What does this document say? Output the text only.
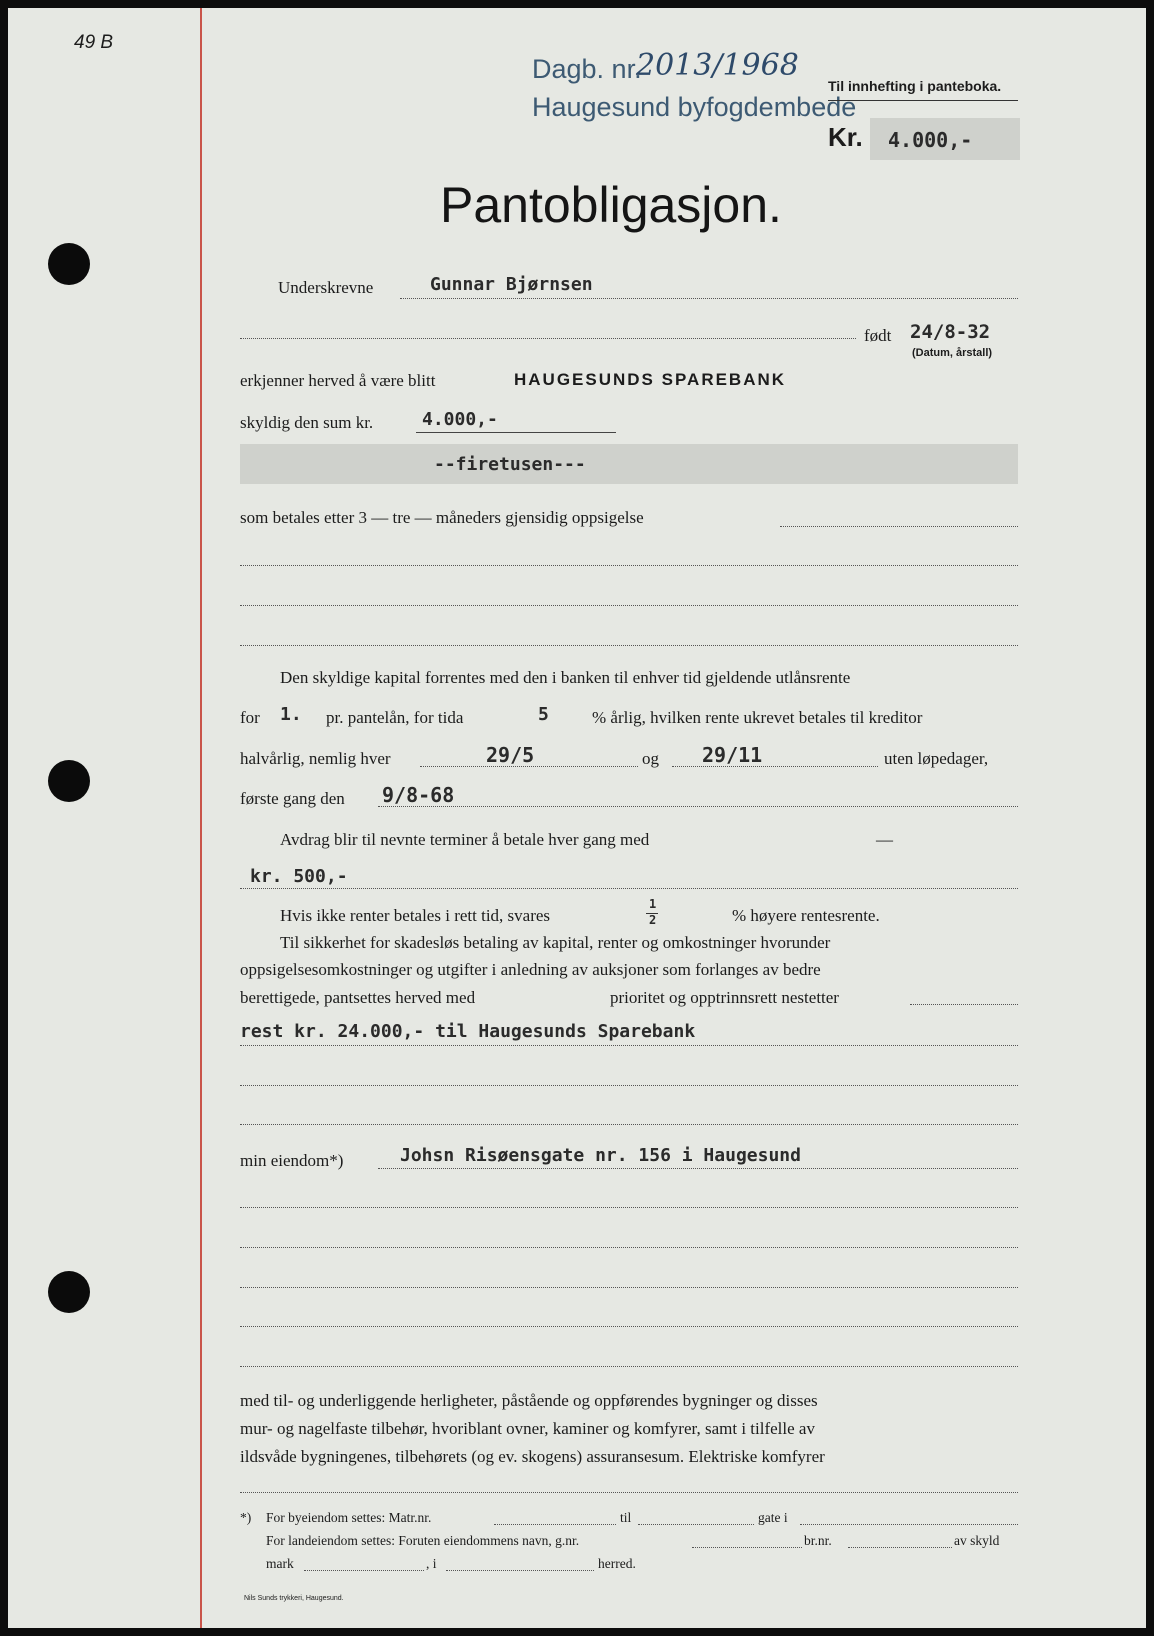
49 B
Dagb. nr.
2013/1968
Haugesund byfogdembede
Til innhefting i panteboka.
Kr. 4.000,-
Pantobligasjon.
Underskrevne	Gunnar Bjørnsen
født 24/8-32
(Datum, årstall)
erkjenner herved å være blitt	HAUGESUNDS SPAREBANK
skyldig den sum kr.	4.000,-
--firetusen---
som betales etter 3 — tre — måneders gjensidig oppsigelse
Den skyldige kapital forrentes med den i banken til enhver tid gjeldende utlånsrente
for 1. pr. pantelån, for tida	5	% årlig, hvilken rente ukrevet betales til kreditor
halvårlig, nemlig hver	29/5	og 29/11	uten løpedager,
første gang den 9/8-68
Avdrag blir til nevnte terminer å betale hver gang med	—
kr. 500,-
Hvis ikke renter betales i rett tid, svares
1
2	% høyere rentesrente.
Til sikkerhet for skadesløs betaling av kapital, renter og omkostninger hvorunder
oppsigelsesomkostninger og utgifter i anledning av auksjoner som forlanges av bedre
berettigede, pantsettes herved med	prioritet og opptrinnsrett nestetter
rest kr. 24.000,- til Haugesunds Sparebank
min eiendom*)	Johsn Risøensgate nr. 156 i Haugesund
med til- og underliggende herligheter, påstående og oppførendes bygninger og disses
mur- og nagelfaste tilbehør, hvoriblant ovner, kaminer og komfyrer, samt i tilfelle av
ildsvåde bygningenes, tilbehørets (og ev. skogens) assuransesum. Elektriske komfyrer
*) For byeiendom settes: Matr.nr.	til	gate i
For landeiendom settes: Foruten eiendommens navn, g.nr.	br.nr.	av skyld
mark	, i	herred.
Nils Sunds trykkeri, Haugesund.
